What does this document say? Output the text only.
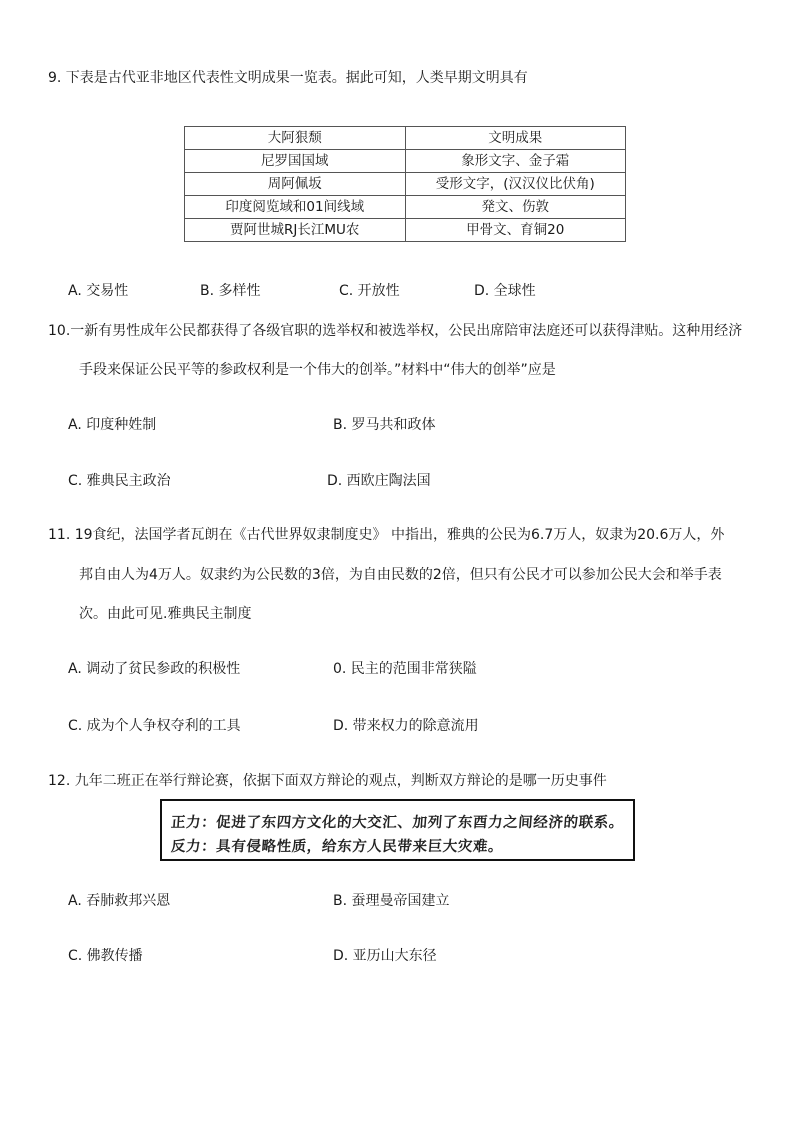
9. 下表是古代亚非地区代表性文明成果一览表。据此可知，人类早期文明具有
大阿狠颓	文明成果
尼罗国国域	象形文字、金子霜
周阿佩坂	受形文字，(汉汉仪比伏角)
印度阅览域和01间线域	発文、伤敦
贾阿世城RJ长江MU农	甲骨文、育铜20
A. 交易性	B. 多样性	C. 开放性	D. 全球性
10.一新有男性成年公民都获得了各级官职的选举权和被选举权，公民出席陪审法庭还可以获得津贴。这种用经济
手段来保证公民平等的参政权利是一个伟大的创举。”材料中“伟大的创举”应是
A. 印度种姓制	B. 罗马共和政体
C. 雅典民主政治	D. 西欧庄陶法国
11. 19食纪，法国学者瓦朗在《古代世界奴隶制度史》 中指出，雅典的公民为6.7万人，奴隶为20.6万人，外
邦自由人为4万人。奴隶约为公民数的3倍，为自由民数的2倍，但只有公民才可以参加公民大会和举手表
次。由此可见.雅典民主制度
A. 调动了贫民参政的积极性	0. 民主的范围非常狭隘
C. 成为个人争权夺利的工具	D. 带来权力的除意流用
12. 九年二班正在举行辩论赛，依据下面双方辩论的观点，判断双方辩论的是哪一历史事件
正力：促进了东四方文化的大交汇、加列了东酉力之间经济的联系。
反力：具有侵略性质，给东方人民带来巨大灾难。
A. 吞肺救邦兴恩	B. 蚕理曼帝国建立
C. 佛教传播	D. 亚历山大东径
